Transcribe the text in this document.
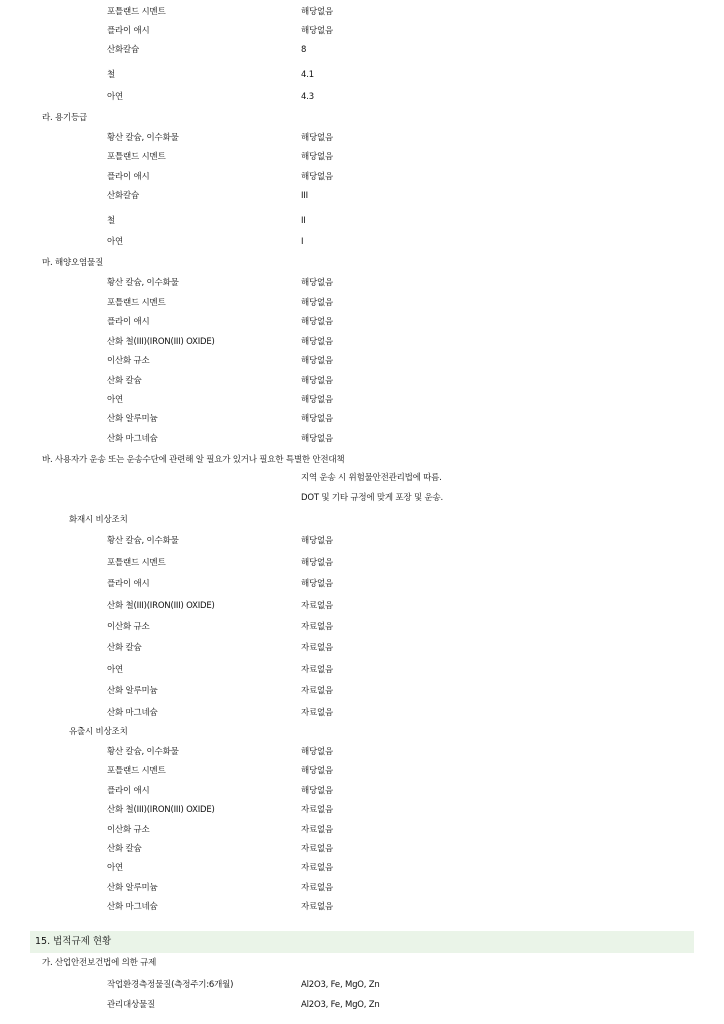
포틀랜드 시멘트	해당없음
플라이 애시	해당없음
산화칼슘	8
철	4.1
아연	4.3
라. 용기등급
황산 칼슘, 이수화물	해당없음
포틀랜드 시멘트	해당없음
플라이 애시	해당없음
산화칼슘	III
철	II
아연	I
마. 해양오염물질
황산 칼슘, 이수화물	해당없음
포틀랜드 시멘트	해당없음
플라이 애시	해당없음
산화 철(III)(IRON(III) OXIDE)	해당없음
이산화 규소	해당없음
산화 칼슘	해당없음
아연	해당없음
산화 알루미늄	해당없음
산화 마그네슘	해당없음
바. 사용자가 운송 또는 운송수단에 관련해 알 필요가 있거나 필요한 특별한 안전대책
지역 운송 시 위험물안전관리법에 따름.
DOT 및 기타 규정에 맞게 포장 및 운송.
화재시 비상조치
황산 칼슘, 이수화물	해당없음
포틀랜드 시멘트	해당없음
플라이 애시	해당없음
산화 철(III)(IRON(III) OXIDE)	자료없음
이산화 규소	자료없음
산화 칼슘	자료없음
아연	자료없음
산화 알루미늄	자료없음
산화 마그네슘	자료없음
유출시 비상조치
황산 칼슘, 이수화물	해당없음
포틀랜드 시멘트	해당없음
플라이 애시	해당없음
산화 철(III)(IRON(III) OXIDE)	자료없음
이산화 규소	자료없음
산화 칼슘	자료없음
아연	자료없음
산화 알루미늄	자료없음
산화 마그네슘	자료없음
15. 법적규제 현황
가. 산업안전보건법에 의한 규제
작업환경측정물질(측정주기:6개월)	Al2O3, Fe, MgO, Zn
관리대상물질	Al2O3, Fe, MgO, Zn
